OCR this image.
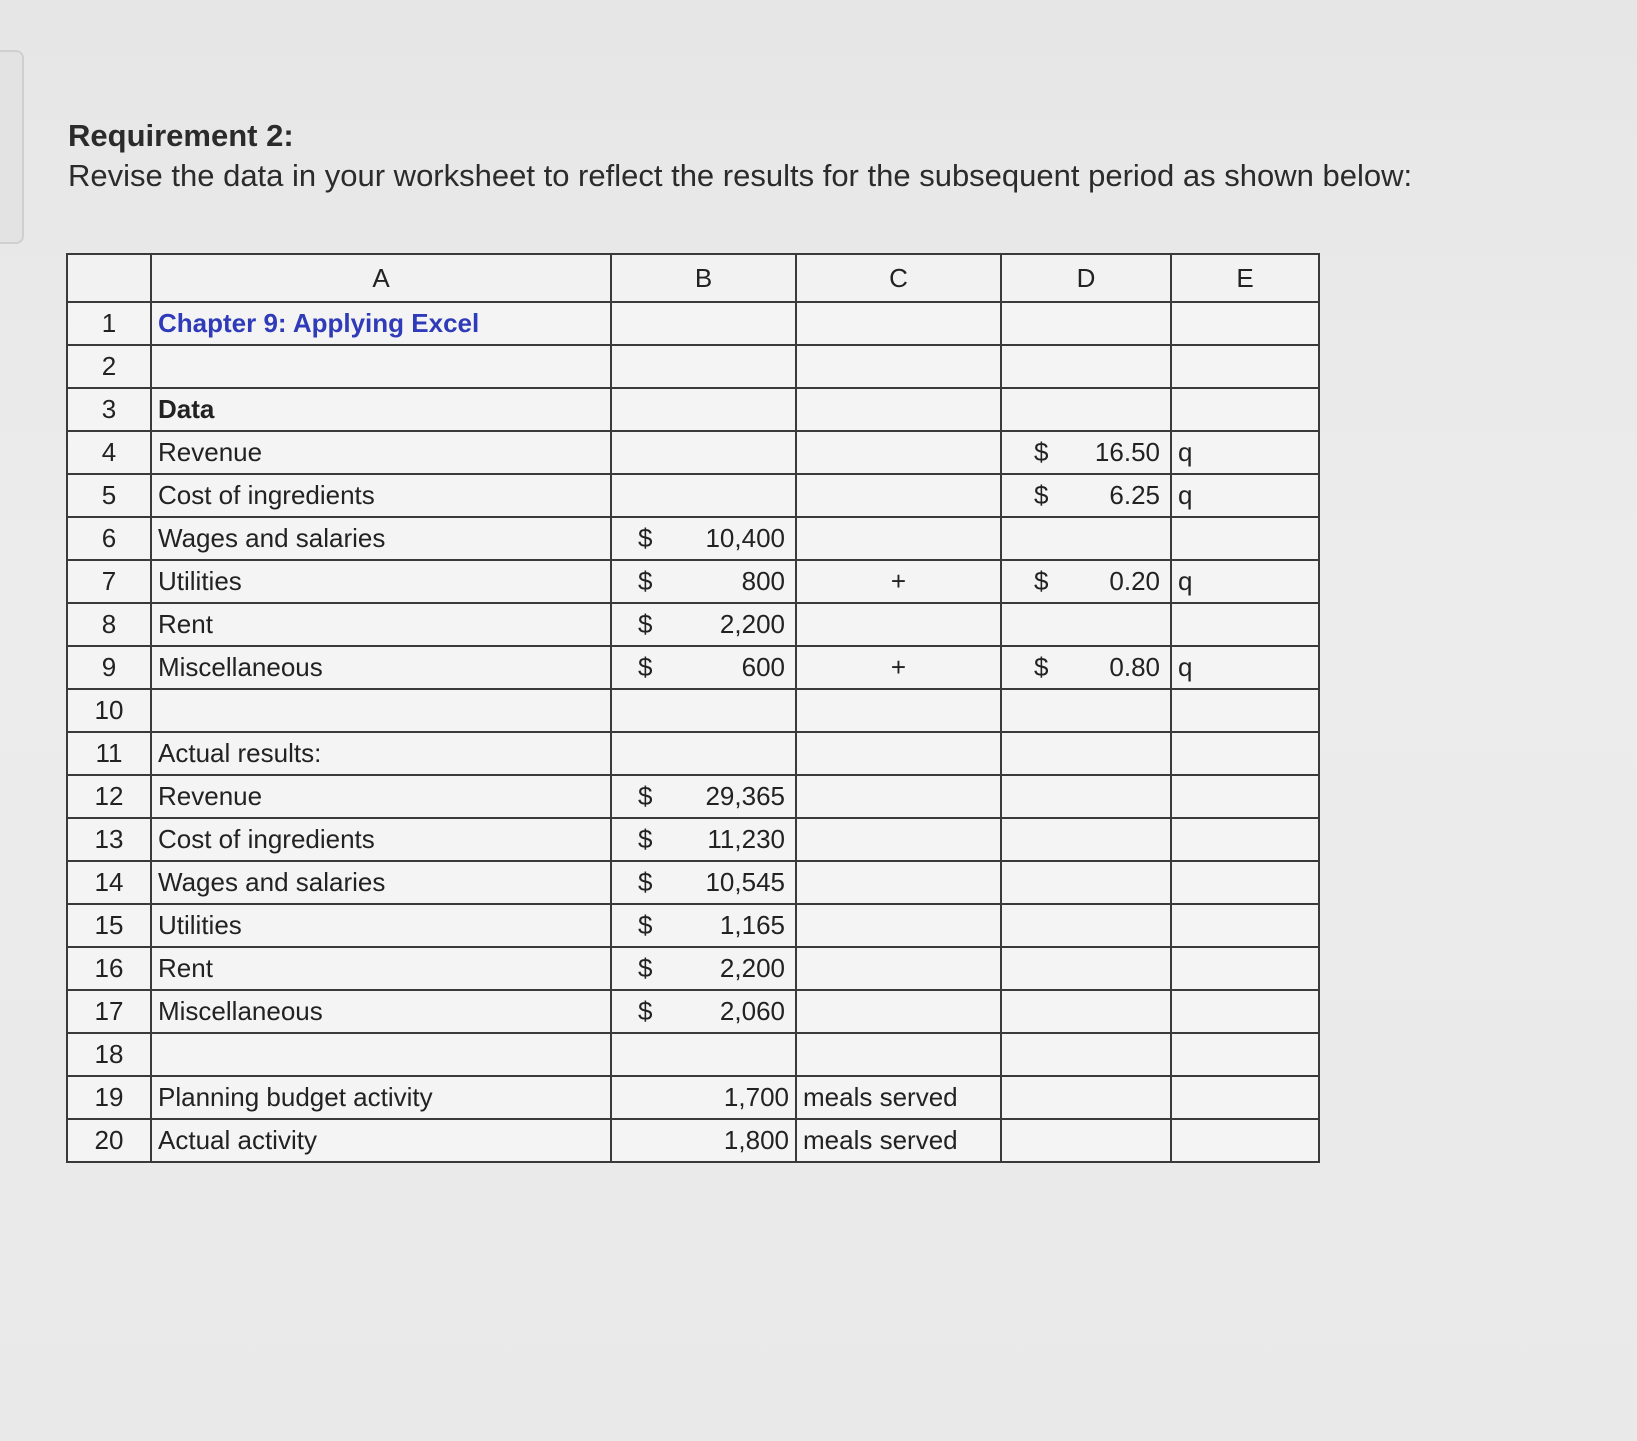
Requirement 2:
Revise the data in your worksheet to reflect the results for the subsequent period as shown below:
	A	B	C	D	E
1	Chapter 9: Applying Excel				
2					
3	Data				
4	Revenue			$ 16.50	q
5	Cost of ingredients			$ 6.25	q
6	Wages and salaries	$ 10,400			

7	Utilities	$ 800	+	$ 0.20	q
8	Rent	$ 2,200			

9	Miscellaneous	$ 600	+	$ 0.80	q
10					
11	Actual results:				
12	Revenue	$ 29,365			

13	Cost of ingredients	$ 11,230			

14	Wages and salaries	$ 10,545			

15	Utilities	$ 1,165			

16	Rent	$ 2,200			

17	Miscellaneous	$ 2,060			

18					
19	Planning budget activity	1,700	meals served		
20	Actual activity	1,800	meals served		
